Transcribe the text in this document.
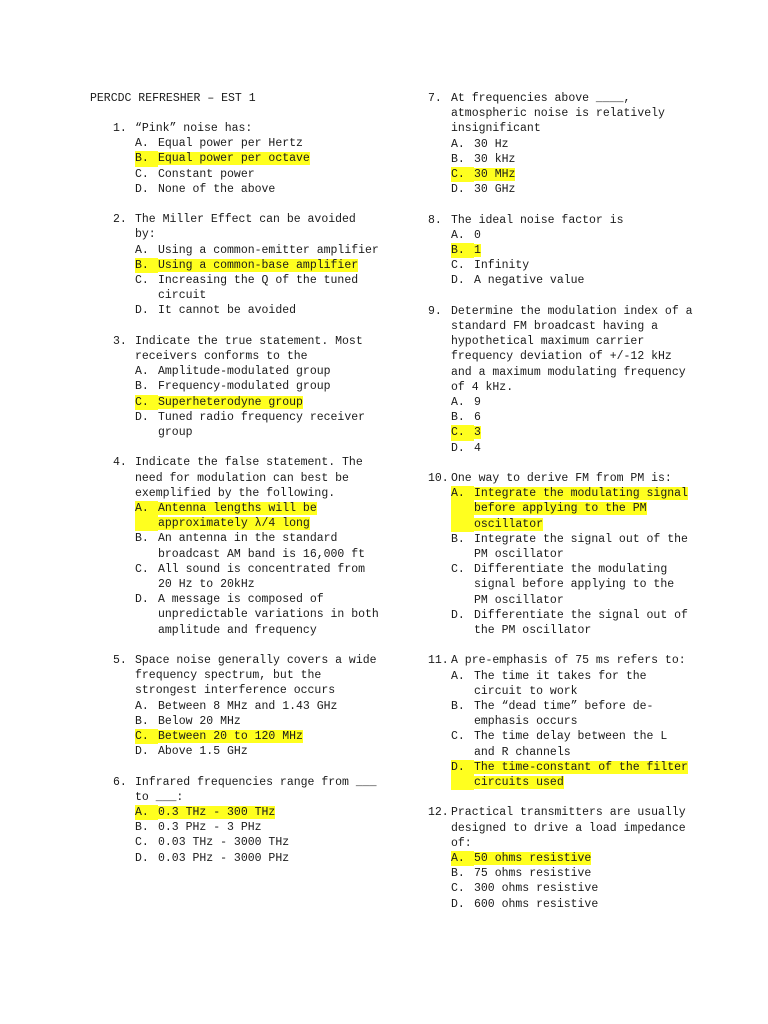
PERCDC REFRESHER – EST 1
1. “Pink” noise has:
A. Equal power per Hertz
B. Equal power per octave
C. Constant power
D. None of the above
2. The Miller Effect can be avoided by:
A. Using a common-emitter amplifier
B. Using a common-base amplifier
C. Increasing the Q of the tuned circuit
D. It cannot be avoided
3. Indicate the true statement. Most receivers conforms to the
A. Amplitude-modulated group
B. Frequency-modulated group
C. Superheterodyne group
D. Tuned radio frequency receiver group
4. Indicate the false statement. The need for modulation can best be exemplified by the following.
A. Antenna lengths will be approximately λ/4 long
B. An antenna in the standard broadcast AM band is 16,000 ft
C. All sound is concentrated from 20 Hz to 20kHz
D. A message is composed of unpredictable variations in both amplitude and frequency
5. Space noise generally covers a wide frequency spectrum, but the strongest interference occurs
A. Between 8 MHz and 1.43 GHz
B. Below 20 MHz
C. Between 20 to 120 MHz
D. Above 1.5 GHz
6. Infrared frequencies range from ___ to ___:
A. 0.3 THz - 300 THz
B. 0.3 PHz - 3 PHz
C. 0.03 THz - 3000 THz
D. 0.03 PHz - 3000 PHz
7. At frequencies above ____, atmospheric noise is relatively insignificant
A. 30 Hz
B. 30 kHz
C. 30 MHz
D. 30 GHz
8. The ideal noise factor is
A. 0
B. 1
C. Infinity
D. A negative value
9. Determine the modulation index of a standard FM broadcast having a hypothetical maximum carrier frequency deviation of +/-12 kHz and a maximum modulating frequency of 4 kHz.
A. 9
B. 6
C. 3
D. 4
10. One way to derive FM from PM is:
A. Integrate the modulating signal before applying to the PM oscillator
B. Integrate the signal out of the PM oscillator
C. Differentiate the modulating signal before applying to the PM oscillator
D. Differentiate the signal out of the PM oscillator
11. A pre-emphasis of 75 ms refers to:
A. The time it takes for the circuit to work
B. The “dead time” before de-emphasis occurs
C. The time delay between the L and R channels
D. The time-constant of the filter circuits used
12. Practical transmitters are usually designed to drive a load impedance of:
A. 50 ohms resistive
B. 75 ohms resistive
C. 300 ohms resistive
D. 600 ohms resistive
